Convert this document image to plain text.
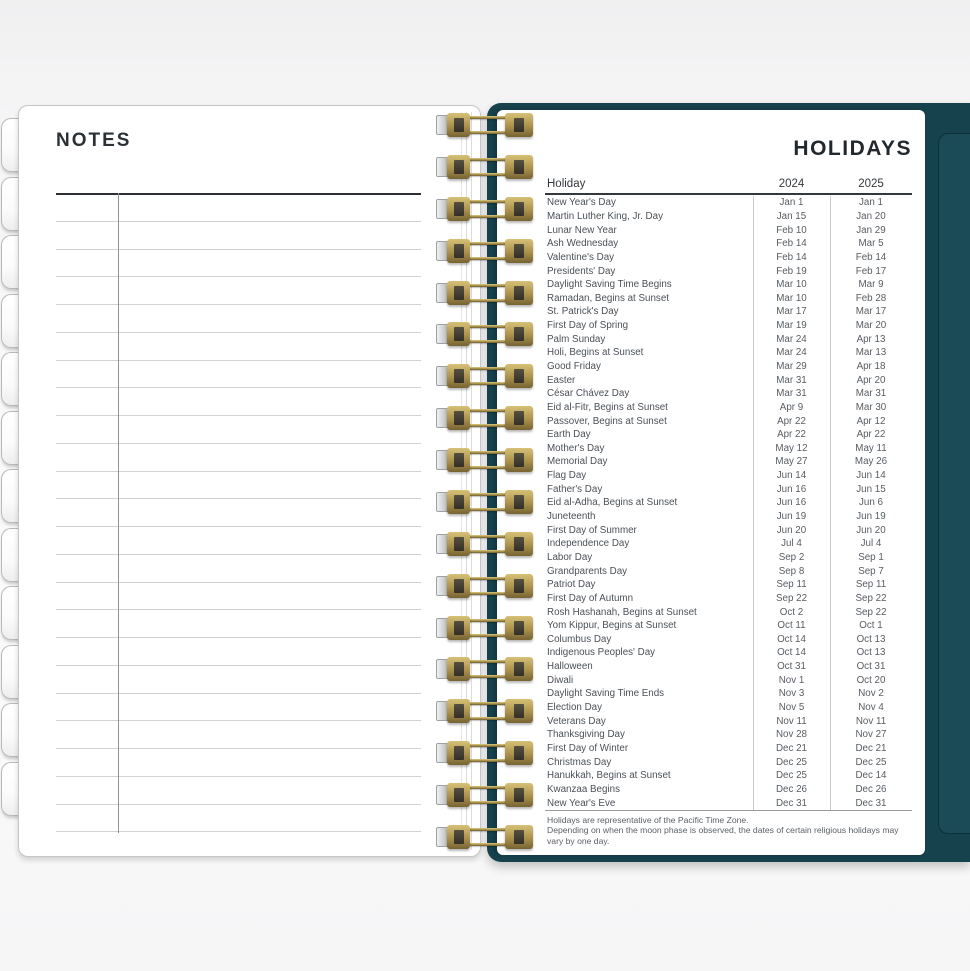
HOLIDAYS
Holiday	2024	2025
New Year's Day	Jan 1	Jan 1
Martin Luther King, Jr. Day	Jan 15	Jan 20
Lunar New Year	Feb 10	Jan 29
Ash Wednesday	Feb 14	Mar 5
Valentine's Day	Feb 14	Feb 14
Presidents' Day	Feb 19	Feb 17
Daylight Saving Time Begins	Mar 10	Mar 9
Ramadan, Begins at Sunset	Mar 10	Feb 28
St. Patrick's Day	Mar 17	Mar 17
First Day of Spring	Mar 19	Mar 20
Palm Sunday	Mar 24	Apr 13
Holi, Begins at Sunset	Mar 24	Mar 13
Good Friday	Mar 29	Apr 18
Easter	Mar 31	Apr 20
César Chávez Day	Mar 31	Mar 31
Eid al-Fitr, Begins at Sunset	Apr 9	Mar 30
Passover, Begins at Sunset	Apr 22	Apr 12
Earth Day	Apr 22	Apr 22
Mother's Day	May 12	May 11
Memorial Day	May 27	May 26
Flag Day	Jun 14	Jun 14
Father's Day	Jun 16	Jun 15
Eid al-Adha, Begins at Sunset	Jun 16	Jun 6
Juneteenth	Jun 19	Jun 19
First Day of Summer	Jun 20	Jun 20
Independence Day	Jul 4	Jul 4
Labor Day	Sep 2	Sep 1
Grandparents Day	Sep 8	Sep 7
Patriot Day	Sep 11	Sep 11
First Day of Autumn	Sep 22	Sep 22
Rosh Hashanah, Begins at Sunset	Oct 2	Sep 22
Yom Kippur, Begins at Sunset	Oct 11	Oct 1
Columbus Day	Oct 14	Oct 13
Indigenous Peoples' Day	Oct 14	Oct 13
Halloween	Oct 31	Oct 31
Diwali	Nov 1	Oct 20
Daylight Saving Time Ends	Nov 3	Nov 2
Election Day	Nov 5	Nov 4
Veterans Day	Nov 11	Nov 11
Thanksgiving Day	Nov 28	Nov 27
First Day of Winter	Dec 21	Dec 21
Christmas Day	Dec 25	Dec 25
Hanukkah, Begins at Sunset	Dec 25	Dec 14
Kwanzaa Begins	Dec 26	Dec 26
New Year's Eve	Dec 31	Dec 31
Holidays are representative of the Pacific Time Zone.
Depending on when the moon phase is observed, the dates of certain religious holidays may
vary by one day.
NOTES
